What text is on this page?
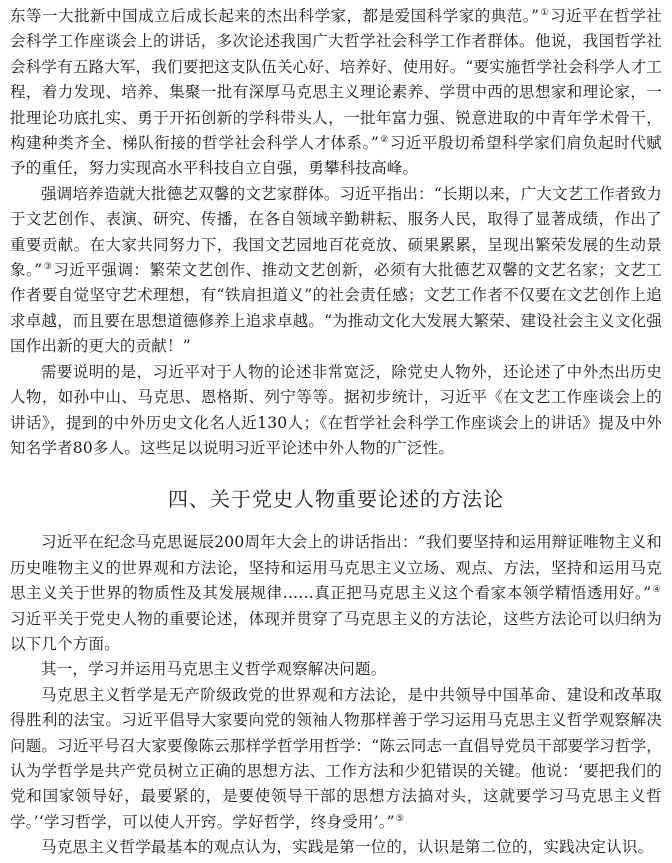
东等一大批新中国成立后成长起来的杰出科学家，都是爱国科学家的典范。”①习近平在哲学社会科学工作座谈会上的讲话，多次论述我国广大哲学社会科学工作者群体。他说，我国哲学社会科学有五路大军，我们要把这支队伍关心好、培养好、使用好。“要实施哲学社会科学人才工程，着力发现、培养、集聚一批有深厚马克思主义理论素养、学贯中西的思想家和理论家，一批理论功底扎实、勇于开拓创新的学科带头人，一批年富力强、锐意进取的中青年学术骨干，构建种类齐全、梯队衔接的哲学社会科学人才体系。”②习近平殷切希望科学家们肩负起时代赋予的重任，努力实现高水平科技自立自强，勇攀科技高峰。

强调培养造就大批德艺双馨的文艺家群体。习近平指出：“长期以来，广大文艺工作者致力于文艺创作、表演、研究、传播，在各自领域辛勤耕耘、服务人民，取得了显著成绩，作出了重要贡献。在大家共同努力下，我国文艺园地百花竞放、硕果累累，呈现出繁荣发展的生动景象。”③习近平强调：繁荣文艺创作、推动文艺创新，必须有大批德艺双馨的文艺名家；文艺工作者要自觉坚守艺术理想，有“铁肩担道义”的社会责任感；文艺工作者不仅要在文艺创作上追求卓越，而且要在思想道德修养上追求卓越。“为推动文化大发展大繁荣、建设社会主义文化强国作出新的更大的贡献！”

需要说明的是，习近平对于人物的论述非常宽泛，除党史人物外，还论述了中外杰出历史人物，如孙中山、马克思、恩格斯、列宁等等。据初步统计，习近平《在文艺工作座谈会上的讲话》，提到的中外历史文化名人近130人；《在哲学社会科学工作座谈会上的讲话》提及中外知名学者80多人。这些足以说明习近平论述中外人物的广泛性。

四、关于党史人物重要论述的方法论

习近平在纪念马克思诞辰200周年大会上的讲话指出：“我们要坚持和运用辩证唯物主义和历史唯物主义的世界观和方法论，坚持和运用马克思主义立场、观点、方法，坚持和运用马克思主义关于世界的物质性及其发展规律……真正把马克思主义这个看家本领学精悟透用好。”④习近平关于党史人物的重要论述，体现并贯穿了马克思主义的方法论，这些方法论可以归纳为以下几个方面。

其一，学习并运用马克思主义哲学观察解决问题。

马克思主义哲学是无产阶级政党的世界观和方法论，是中共领导中国革命、建设和改革取得胜利的法宝。习近平倡导大家要向党的领袖人物那样善于学习运用马克思主义哲学观察解决问题。习近平号召大家要像陈云那样学哲学用哲学：“陈云同志一直倡导党员干部要学习哲学，认为学哲学是共产党员树立正确的思想方法、工作方法和少犯错误的关键。他说：‘要把我们的党和国家领导好，最要紧的，是要使领导干部的思想方法搞对头，这就要学习马克思主义哲学。’‘学习哲学，可以使人开窍。学好哲学，终身受用’。”⑤

马克思主义哲学最基本的观点认为，实践是第一位的，认识是第二位的，实践决定认识。
